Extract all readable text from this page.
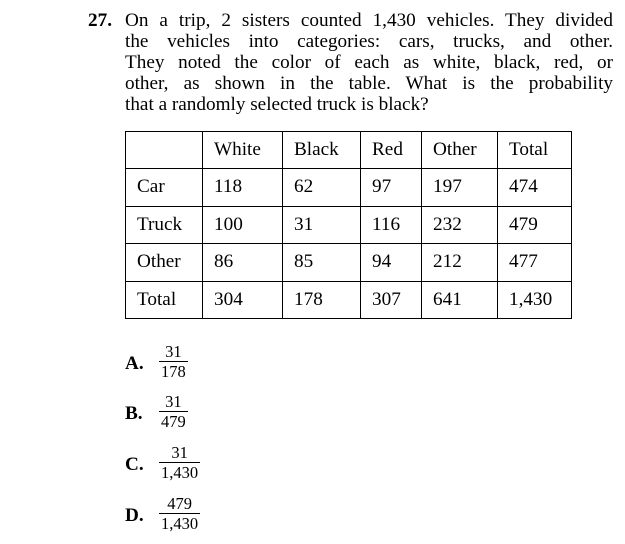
27. On a trip, 2 sisters counted 1,430 vehicles. They divided
the vehicles into categories: cars, trucks, and other.
They noted the color of each as white, black, red, or
other, as shown in the table. What is the probability
that a randomly selected truck is black?
	White	Black	Red	Other	Total
Car	118	62	97	197	474
Truck	100	31	116	232	479
Other	86	85	94	212	477
Total	304	178	307	641	1,430
A. $\frac{31}{178}$
B. $\frac{31}{479}$
C. $\frac{31}{1,430}$
D. $\frac{479}{1,430}$
